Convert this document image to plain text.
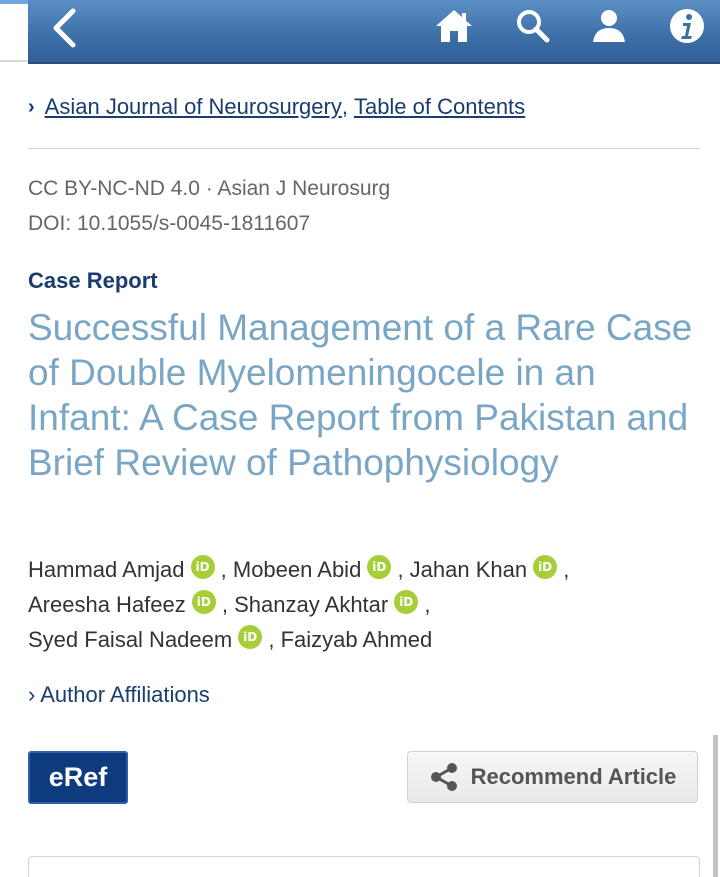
› Asian Journal of Neurosurgery , Table of Contents
CC BY-NC-ND 4.0 · Asian J Neurosurg
DOI: 10.1055/s-0045-1811607
Case Report
Successful Management of a Rare Case of Double Myelomeningocele in an Infant: A Case Report from Pakistan and Brief Review of Pathophysiology
Hammad Amjad iD , Mobeen Abid iD , Jahan Khan iD ,
Areesha Hafeez iD , Shanzay Akhtar iD ,
Syed Faisal Nadeem iD , Faizyab Ahmed
› Author Affiliations
eRef	Recommend Article
